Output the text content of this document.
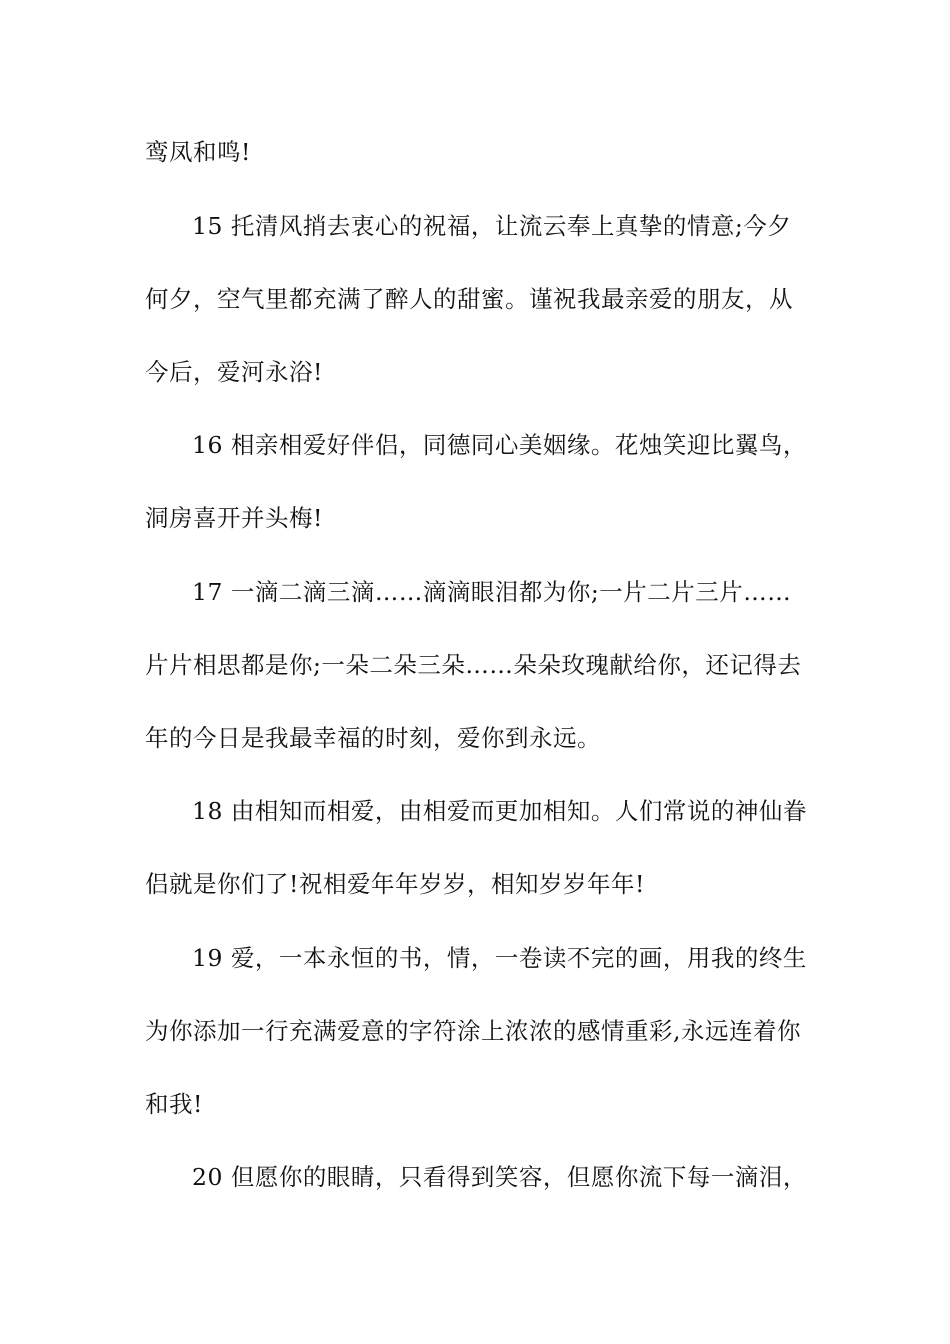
鸾凤和鸣!
15 托清风捎去衷心的祝福，让流云奉上真挚的情意;今夕
何夕，空气里都充满了醉人的甜蜜。谨祝我最亲爱的朋友，从
今后，爱河永浴!
16 相亲相爱好伴侣，同德同心美姻缘。花烛笑迎比翼鸟，
洞房喜开并头梅!
17 一滴二滴三滴……滴滴眼泪都为你;一片二片三片……
片片相思都是你;一朵二朵三朵……朵朵玫瑰献给你，还记得去
年的今日是我最幸福的时刻，爱你到永远。
18 由相知而相爱，由相爱而更加相知。人们常说的神仙眷
侣就是你们了!祝相爱年年岁岁，相知岁岁年年!
19 爱，一本永恒的书，情，一卷读不完的画，用我的终生
为你添加一行充满爱意的字符涂上浓浓的感情重彩,永远连着你
和我!
20 但愿你的眼睛，只看得到笑容，但愿你流下每一滴泪，
